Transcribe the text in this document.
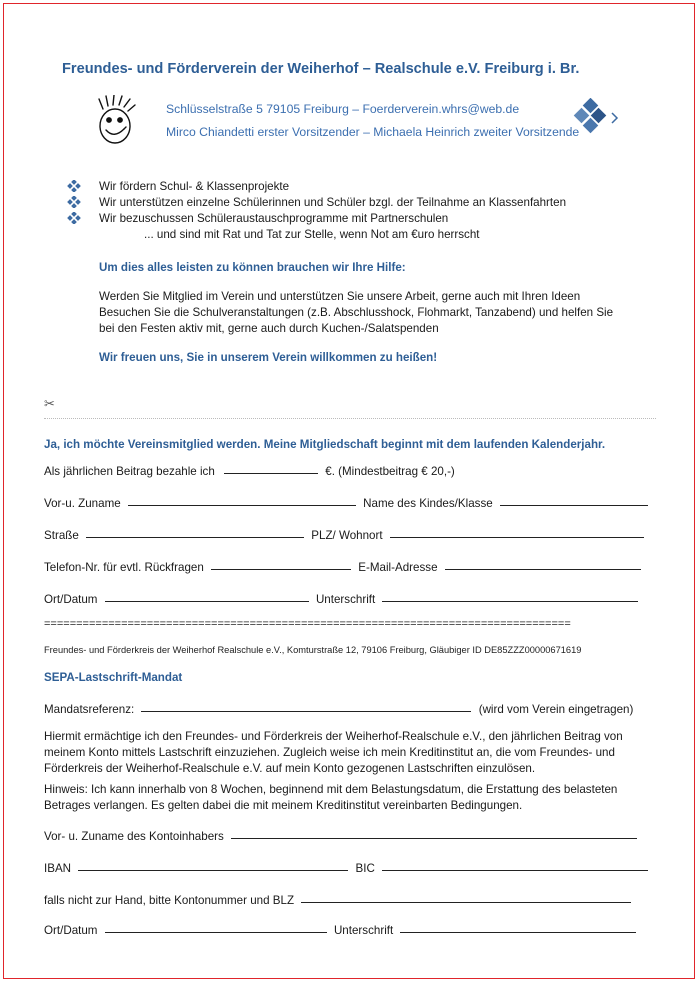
Freundes- und Förderverein der Weiherhof – Realschule e.V. Freiburg i. Br.
Schlüsselstraße 5 79105 Freiburg – Foerderverein.whrs@web.de
Mirco Chiandetti erster Vorsitzender – Michaela Heinrich zweiter Vorsitzende
Wir fördern Schul- & Klassenprojekte
Wir unterstützen einzelne Schülerinnen und Schüler bzgl. der Teilnahme an Klassenfahrten
Wir bezuschussen Schüleraustauschprogramme mit Partnerschulen
... und sind mit Rat und Tat zur Stelle, wenn Not am €uro herrscht
Um dies alles leisten zu können brauchen wir Ihre Hilfe:
Werden Sie Mitglied im Verein und unterstützen Sie unsere Arbeit, gerne auch mit Ihren Ideen
Besuchen Sie die Schulveranstaltungen (z.B. Abschlusshock, Flohmarkt, Tanzabend) und helfen Sie
bei den Festen aktiv mit, gerne auch durch Kuchen-/Salatspenden
Wir freuen uns, Sie in unserem Verein willkommen zu heißen!
✂
Ja, ich möchte Vereinsmitglied werden. Meine Mitgliedschaft beginnt mit dem laufenden Kalenderjahr.
Als jährlichen Beitrag bezahle ich	€. (Mindestbeitrag € 20,-)
Vor-u. Zuname	Name des Kindes/Klasse
Straße	PLZ/ Wohnort
Telefon-Nr. für evtl. Rückfragen	E-Mail-Adresse
Ort/Datum	Unterschrift
==================================================================================
Freundes- und Förderkreis der Weiherhof Realschule e.V., Komturstraße 12, 79106 Freiburg, Gläubiger ID DE85ZZZ00000671619
SEPA-Lastschrift-Mandat
Mandatsreferenz:	(wird vom Verein eingetragen)
Hiermit ermächtige ich den Freundes- und Förderkreis der Weiherhof-Realschule e.V., den jährlichen Beitrag von
meinem Konto mittels Lastschrift einzuziehen. Zugleich weise ich mein Kreditinstitut an, die vom Freundes- und
Förderkreis der Weiherhof-Realschule e.V. auf mein Konto gezogenen Lastschriften einzulösen.
Hinweis: Ich kann innerhalb von 8 Wochen, beginnend mit dem Belastungsdatum, die Erstattung des belasteten
Betrages verlangen. Es gelten dabei die mit meinem Kreditinstitut vereinbarten Bedingungen.
Vor- u. Zuname des Kontoinhabers
IBAN	BIC
falls nicht zur Hand, bitte Kontonummer und BLZ
Ort/Datum	Unterschrift
